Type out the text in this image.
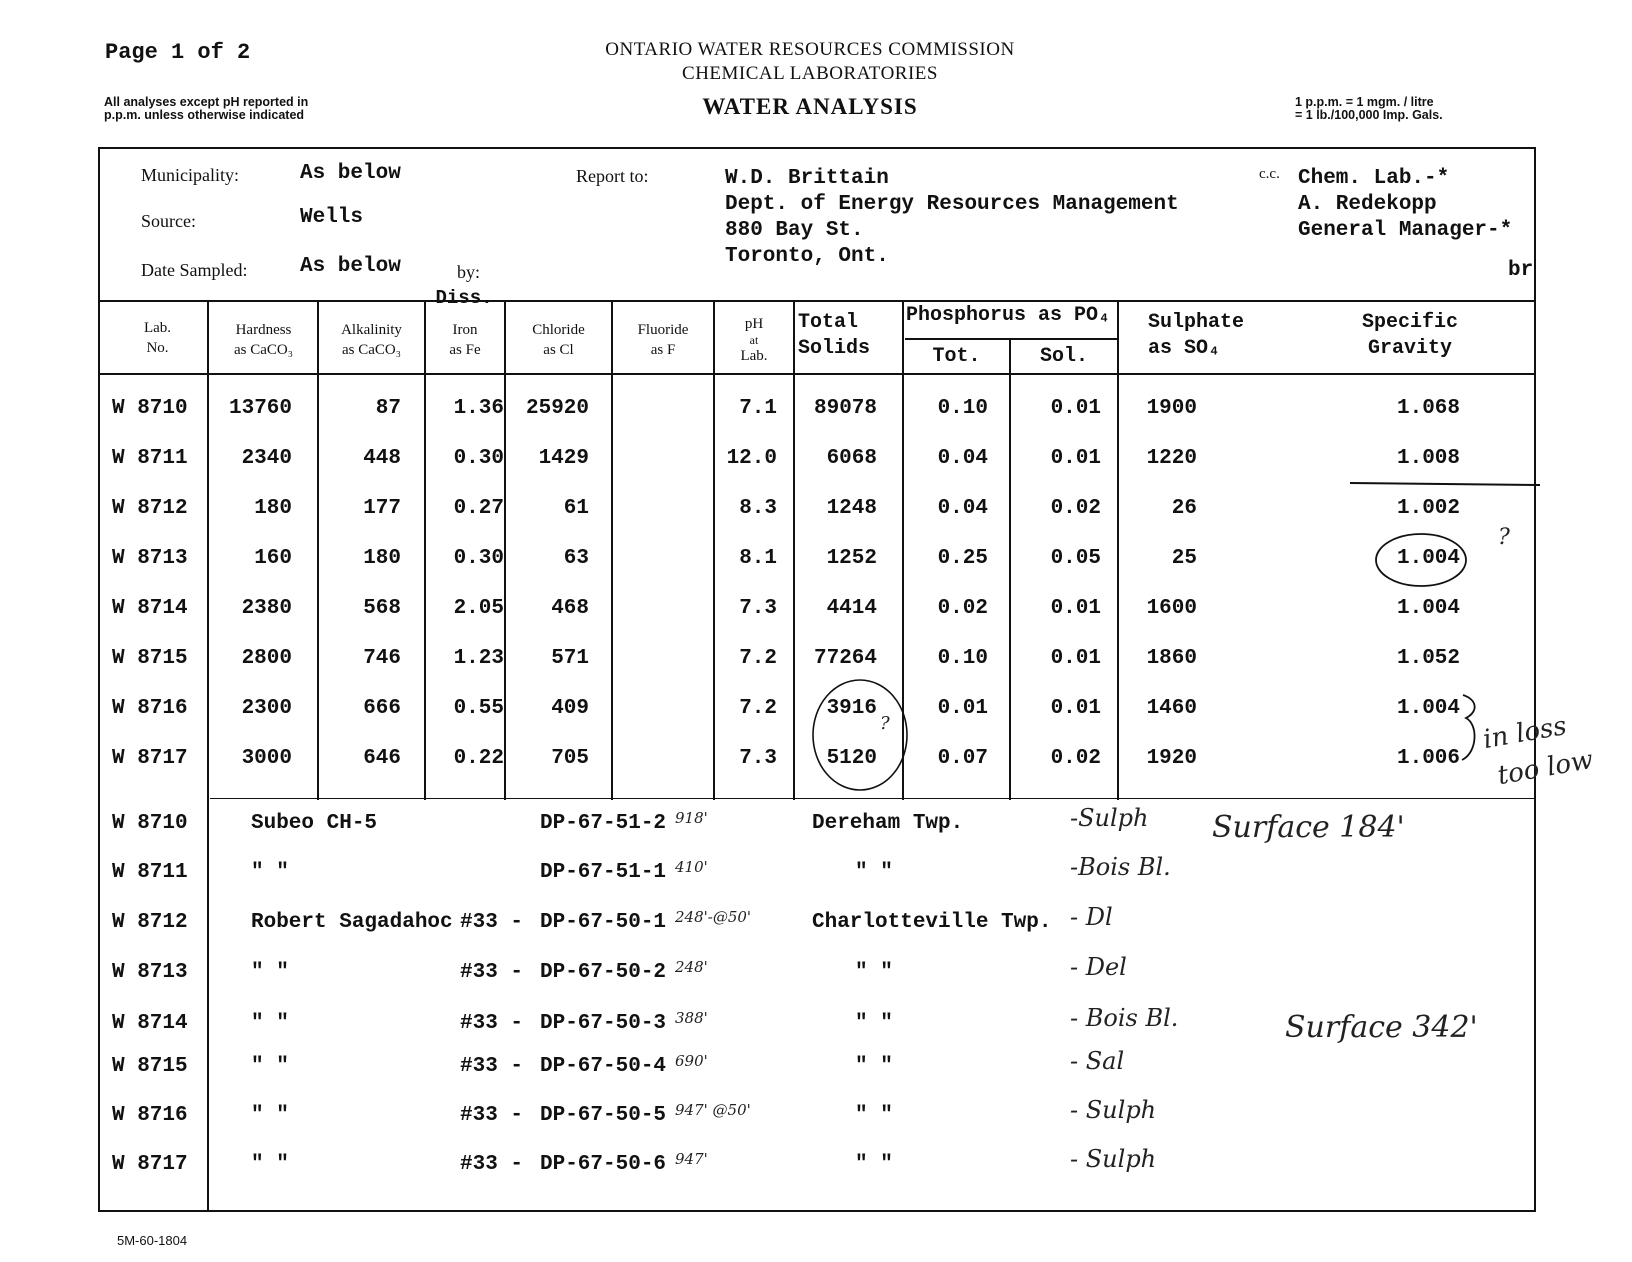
Page 1 of 2
All analyses except pH reported in
p.p.m. unless otherwise indicated
ONTARIO WATER RESOURCES COMMISSION
CHEMICAL LABORATORIES
WATER ANALYSIS	1 p.p.m. = 1 mgm. / litre
= 1 lb./100,000 Imp. Gals.
Municipality:	As below
Source:	Wells
Date Sampled:	As below	by:
Report to:	W.D. Brittain
Dept. of Energy Resources Management
880 Bay St.
Toronto, Ont.
c.c. Chem. Lab.-*
A. Redekopp
General Manager-*
br
Lab.
No.
Hardness
as CaCO₃
Alkalinity
as CaCO₃
Diss.
Iron
as Fe
Chloride
as Cl
Fluoride
as F
pH
at
Lab.
Total
Solids
Phosphorus as PO₄
Tot.	Sol.
Sulphate
as SO₄
Specific
Gravity
W 8710	13760	87	1.36	25920	7.1	89078	0.10	0.01	1900	1.068
W 8711	2340	448	0.30	1429	12.0	6068	0.04	0.01	1220	1.008
W 8712	180	177	0.27	61	8.3	1248	0.04	0.02	26	1.002
W 8713	160	180	0.30	63	8.1	1252	0.25	0.05	25	1.004
W 8714	2380	568	2.05	468	7.3	4414	0.02	0.01	1600	1.004
W 8715	2800	746	1.23	571	7.2	77264	0.10	0.01	1860	1.052
W 8716	2300	666	0.55	409	7.2	3916	0.01	0.01	1460	1.004
W 8717	3000	646	0.22	705	7.3	5120	0.07	0.02	1920	1.006
W 8710	Subeo CH-5	DP-67-51-2 918'	Dereham Twp.	-Sulph Surface 184'
W 8711	" "	DP-67-51-1 410'	" "	-Bois Bl.
W 8712	Robert Sagadahoc #33 - DP-67-50-1 248'-@50'	Charlotteville Twp. - Dl
W 8713	" "	#33 - DP-67-50-2 248'	" "	- Del
W 8714	" "	#33 - DP-67-50-3 388'	" "	- Bois Bl.	Surface 342'
W 8715	" "	#33 - DP-67-50-4 690'	" "	- Sal
W 8716	" "	#33 - DP-67-50-5 947' @50'	" "	- Sulph
W 8717	" "	#33 - DP-67-50-6 947'	" "	- Sulph
?
?	in loss
too low
5M-60-1804
